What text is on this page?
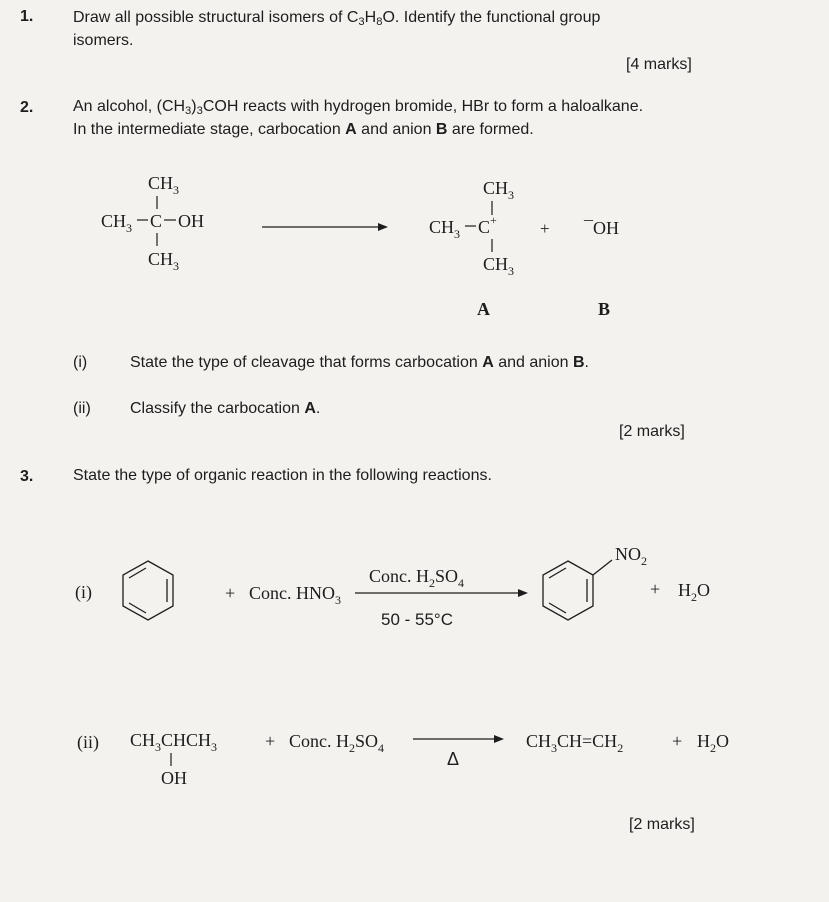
1. Draw all possible structural isomers of $C_3H_8O$. Identify the functional group
isomers.
[4 marks]
2. An alcohol, $(CH_3)_3COH$ reacts with hydrogen bromide, HBr to form a haloalkane.
In the intermediate stage, carbocation A and anion B are formed.
$CH_3$
$CH_3$ C OH
$CH_3$
$CH_3$
$CH_3$ C+
$CH_3$
+ ¯OH
A	B
(i)	State the type of cleavage that forms carbocation A and anion B.
(ii) Classify the carbocation A.
[2 marks]
3. State the type of organic reaction in the following reactions.
(i)	+ Conc. $HNO_3$
Conc. $H_2SO_4$
50 - 55°C
$NO_2$
+ $H_2O$
(ii) $CH_3CHCH_3$
OH
+ Conc. $H_2SO_4$
Δ
$CH_3CH=CH_2$	+ $H_2O$
[2 marks]
